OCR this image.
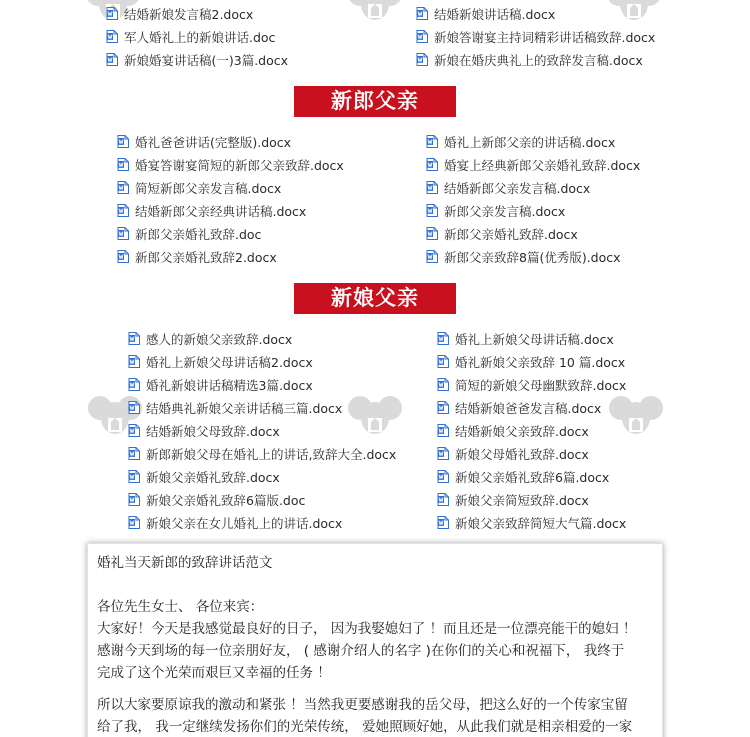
结婚新娘发言稿2.docx
军人婚礼上的新娘讲话.doc
新娘婚宴讲话稿(一)3篇.docx
结婚新娘讲话稿.docx
新娘答谢宴主持词精彩讲话稿致辞.docx
新娘在婚庆典礼上的致辞发言稿.docx
新郎父亲
婚礼爸爸讲话(完整版).docx
婚宴答谢宴简短的新郎父亲致辞.docx
简短新郎父亲发言稿.docx
结婚新郎父亲经典讲话稿.docx
新郎父亲婚礼致辞.doc
新郎父亲婚礼致辞2.docx
婚礼上新郎父亲的讲话稿.docx
婚宴上经典新郎父亲婚礼致辞.docx
结婚新郎父亲发言稿.docx
新郎父亲发言稿.docx
新郎父亲婚礼致辞.docx
新郎父亲致辞8篇(优秀版).docx
新娘父亲
感人的新娘父亲致辞.docx
婚礼上新娘父母讲话稿2.docx
婚礼新娘讲话稿精选3篇.docx
结婚典礼新娘父亲讲话稿三篇.docx
结婚新娘父母致辞.docx
新郎新娘父母在婚礼上的讲话,致辞大全.docx
新娘父亲婚礼致辞.docx
新娘父亲婚礼致辞6篇版.doc
新娘父亲在女儿婚礼上的讲话.docx
婚礼上新娘父母讲话稿.docx
婚礼新娘父亲致辞 10 篇.docx
简短的新娘父母幽默致辞.docx
结婚新娘爸爸发言稿.docx
结婚新娘父亲致辞.docx
新娘父母婚礼致辞.docx
新娘父亲婚礼致辞6篇.docx
新娘父亲简短致辞.docx
新娘父亲致辞简短大气篇.docx

婚礼当天新郎的致辞讲话范文

各位先生女士、 各位来宾：

大家好！今天是我感觉最良好的日子， 因为我娶媳妇了 ！而且还是一位漂亮能干的媳妇 ！

感谢今天到场的每一位亲朋好友， ( 感谢介绍人的名字 )在你们的关心和祝福下， 我终于

完成了这个光荣而艰巨又幸福的任务 ！

所以大家要原谅我的激动和紧张 ！当然我更要感谢我的岳父母，把这么好的一个传家宝留

给了我， 我一定继续发扬你们的光荣传统， 爱她照顾好她，从此我们就是相亲相爱的一家
